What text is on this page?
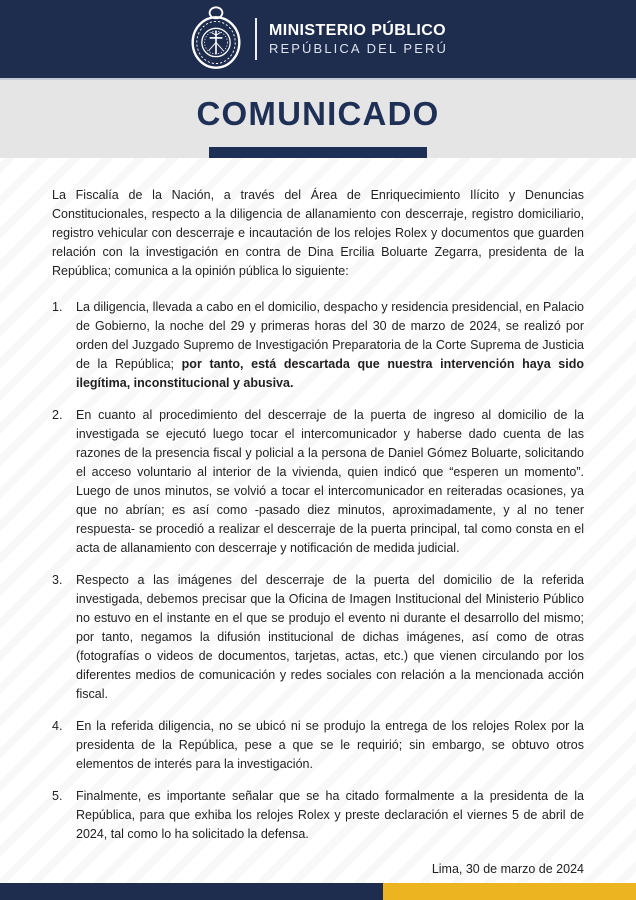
MINISTERIO PÚBLICO
REPÚBLICA DEL PERÚ
COMUNICADO

La Fiscalía de la Nación, a través del Área de Enriquecimiento Ilícito y Denuncias Constitucionales, respecto a la diligencia de allanamiento con descerraje, registro domiciliario, registro vehicular con descerraje e incautación de los relojes Rolex y documentos que guarden relación con la investigación en contra de Dina Ercilia Boluarte Zegarra, presidenta de la República; comunica a la opinión pública lo siguiente:

1.	La diligencia, llevada a cabo en el domicilio, despacho y residencia presidencial, en Palacio de Gobierno, la noche del 29 y primeras horas del 30 de marzo de 2024, se realizó por orden del Juzgado Supremo de Investigación Preparatoria de la Corte Suprema de Justicia de la República; por tanto, está descartada que nuestra intervención haya sido ilegítima, inconstitucional y abusiva.
2.	En cuanto al procedimiento del descerraje de la puerta de ingreso al domicilio de la investigada se ejecutó luego tocar el intercomunicador y haberse dado cuenta de las razones de la presencia fiscal y policial a la persona de Daniel Gómez Boluarte, solicitando el acceso voluntario al interior de la vivienda, quien indicó que “esperen un momento”. Luego de unos minutos, se volvió a tocar el intercomunicador en reiteradas ocasiones, ya que no abrían; es así como -pasado diez minutos, aproximadamente, y al no tener respuesta- se procedió a realizar el descerraje de la puerta principal, tal como consta en el acta de allanamiento con descerraje y notificación de medida judicial.
3.	Respecto a las imágenes del descerraje de la puerta del domicilio de la referida investigada, debemos precisar que la Oficina de Imagen Institucional del Ministerio Público no estuvo en el instante en el que se produjo el evento ni durante el desarrollo del mismo; por tanto, negamos la difusión institucional de dichas imágenes, así como de otras (fotografías o videos de documentos, tarjetas, actas, etc.) que vienen circulando por los diferentes medios de comunicación y redes sociales con relación a la mencionada acción fiscal.
4.	En la referida diligencia, no se ubicó ni se produjo la entrega de los relojes Rolex por la presidenta de la República, pese a que se le requirió; sin embargo, se obtuvo otros elementos de interés para la investigación.
5.	Finalmente, es importante señalar que se ha citado formalmente a la presidenta de la República, para que exhiba los relojes Rolex y preste declaración el viernes 5 de abril de 2024, tal como lo ha solicitado la defensa.
Lima, 30 de marzo de 2024
